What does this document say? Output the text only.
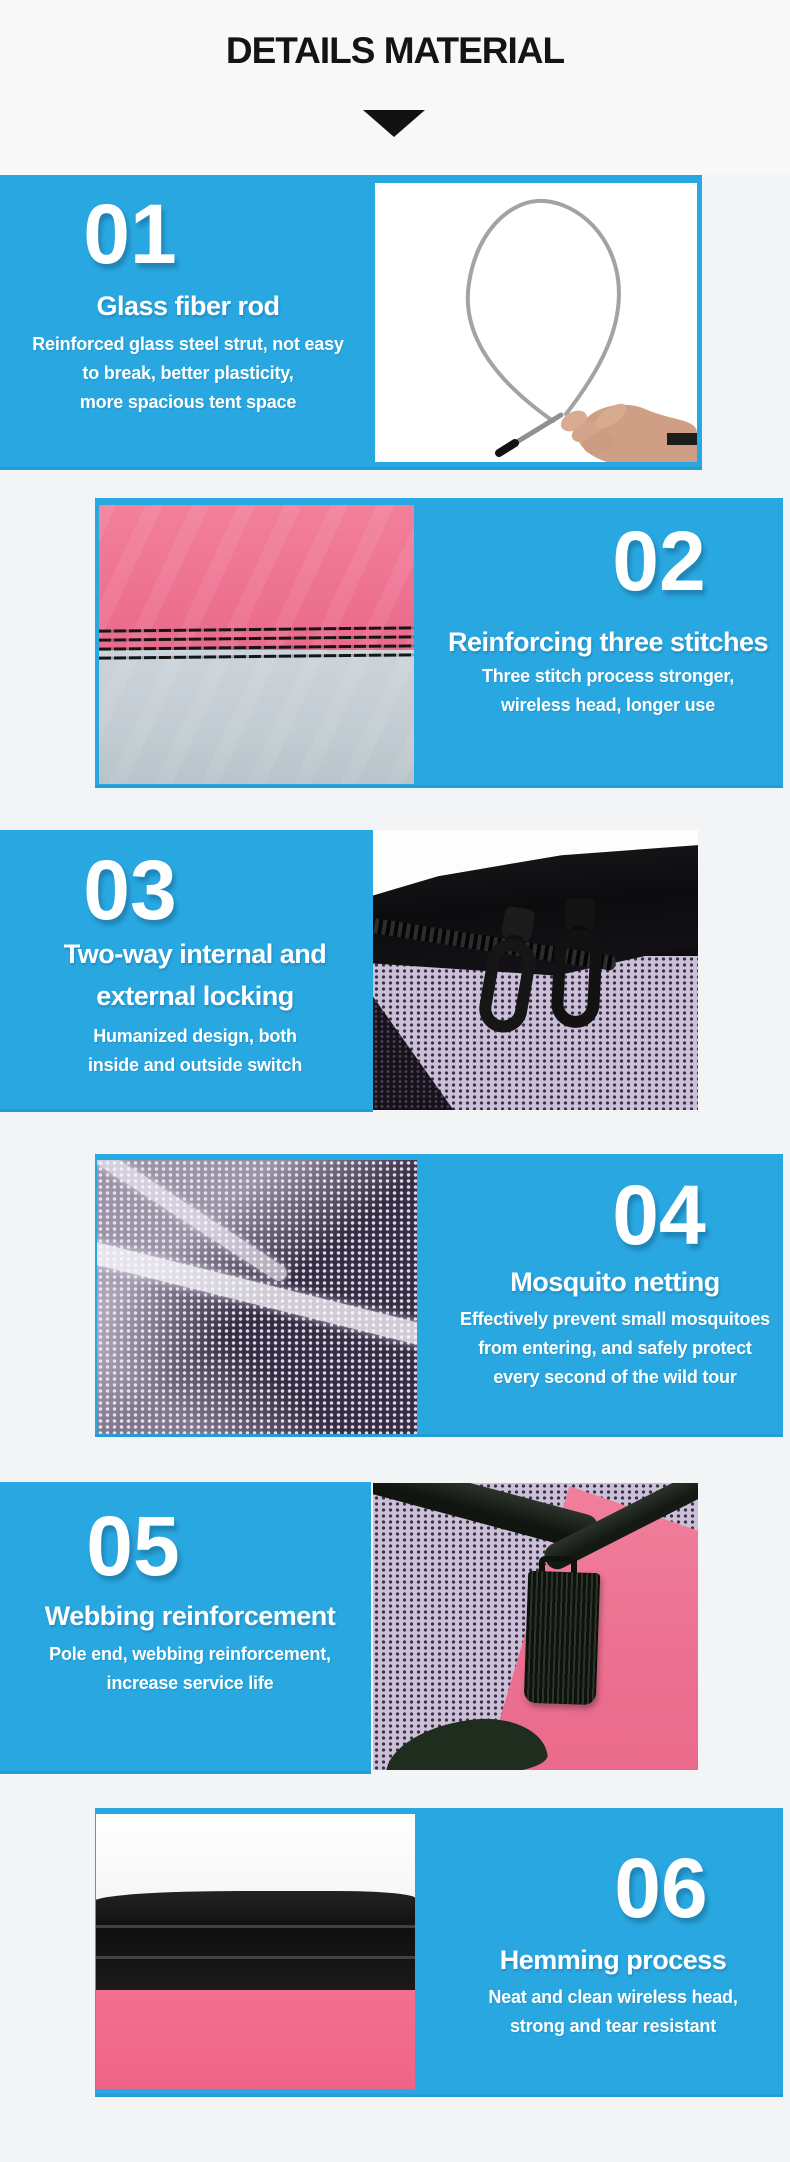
DETAILS MATERIAL
01
Glass fiber rod
Reinforced glass steel strut, not easy
to break, better plasticity,
more spacious tent space
02
Reinforcing three stitches
Three stitch process stronger,
wireless head, longer use
03
Two-way internal and
external locking
Humanized design, both
inside and outside switch
04
Mosquito netting
Effectively prevent small mosquitoes
from entering, and safely protect
every second of the wild tour
05
Webbing reinforcement
Pole end, webbing reinforcement,
increase service life
06
Hemming process
Neat and clean wireless head,
strong and tear resistant
